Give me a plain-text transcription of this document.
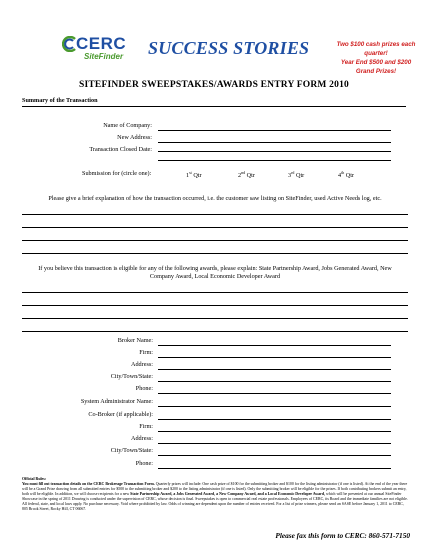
CERC
SiteFinder SUCCESS STORIES	Two $100 cash prizes each
quarter!
Year End $500 and $200
Grand Prizes!
SITEFINDER SWEEPSTAKES/AWARDS ENTRY FORM 2010
Summary of the Transaction
Name of Company:
New Address:
Transaction Closed Date:
Submission for (circle one):	1st Qtr	2nd Qtr	3rd Qtr	4th Qtr
Please give a brief explanation of how the transaction occurred, i.e. the customer saw listing on SiteFinder, used Active Needs log, etc.
If you believe this transaction is eligible for any of the following awards, please explain: State Partnership Award, Jobs Generated Award, New Company Award, Local Economic Developer Award
Broker Name:
Firm:
Address:
City/Town/State:
Phone:
System Administrator Name:
Co-Broker (if applicable):
Firm:
Address:
City/Town/State:
Phone:
Official Rules:
You must fill out transaction details on the CERC Brokerage Transaction Form. Quarterly prizes will include: One cash prize of $100 for the submitting broker and $100 for the listing administrator (if one is listed). At the end of the year there will be a Grand Prize drawing from all submitted entries for $500 to the submitting broker and $200 to the listing administrator (if one is listed). Only the submitting broker will be eligible for the prizes. If both contributing brokers submit an entry, both will be eligible. In addition, we will choose recipients for a new State Partnership Award, a Jobs Generated Award, a New Company Award, and a Local Economic Developer Award, which will be presented at our annual SiteFinder Showcase in the spring of 2011 Drawing is conducted under the supervision of CERC, whose decision is final. Sweepstakes is open to commercial real estate professionals. Employees of CERC, its Board and the immediate families are not eligible. All federal, state, and local laws apply. No purchase necessary. Void where prohibited by law. Odds of winning are dependent upon the number of entries received. For a list of prize winners, please send an SASE before January 1, 2011 to CERC, 805 Brook Street, Rocky Hill, CT 06067.
Please fax this form to CERC: 860-571-7150
